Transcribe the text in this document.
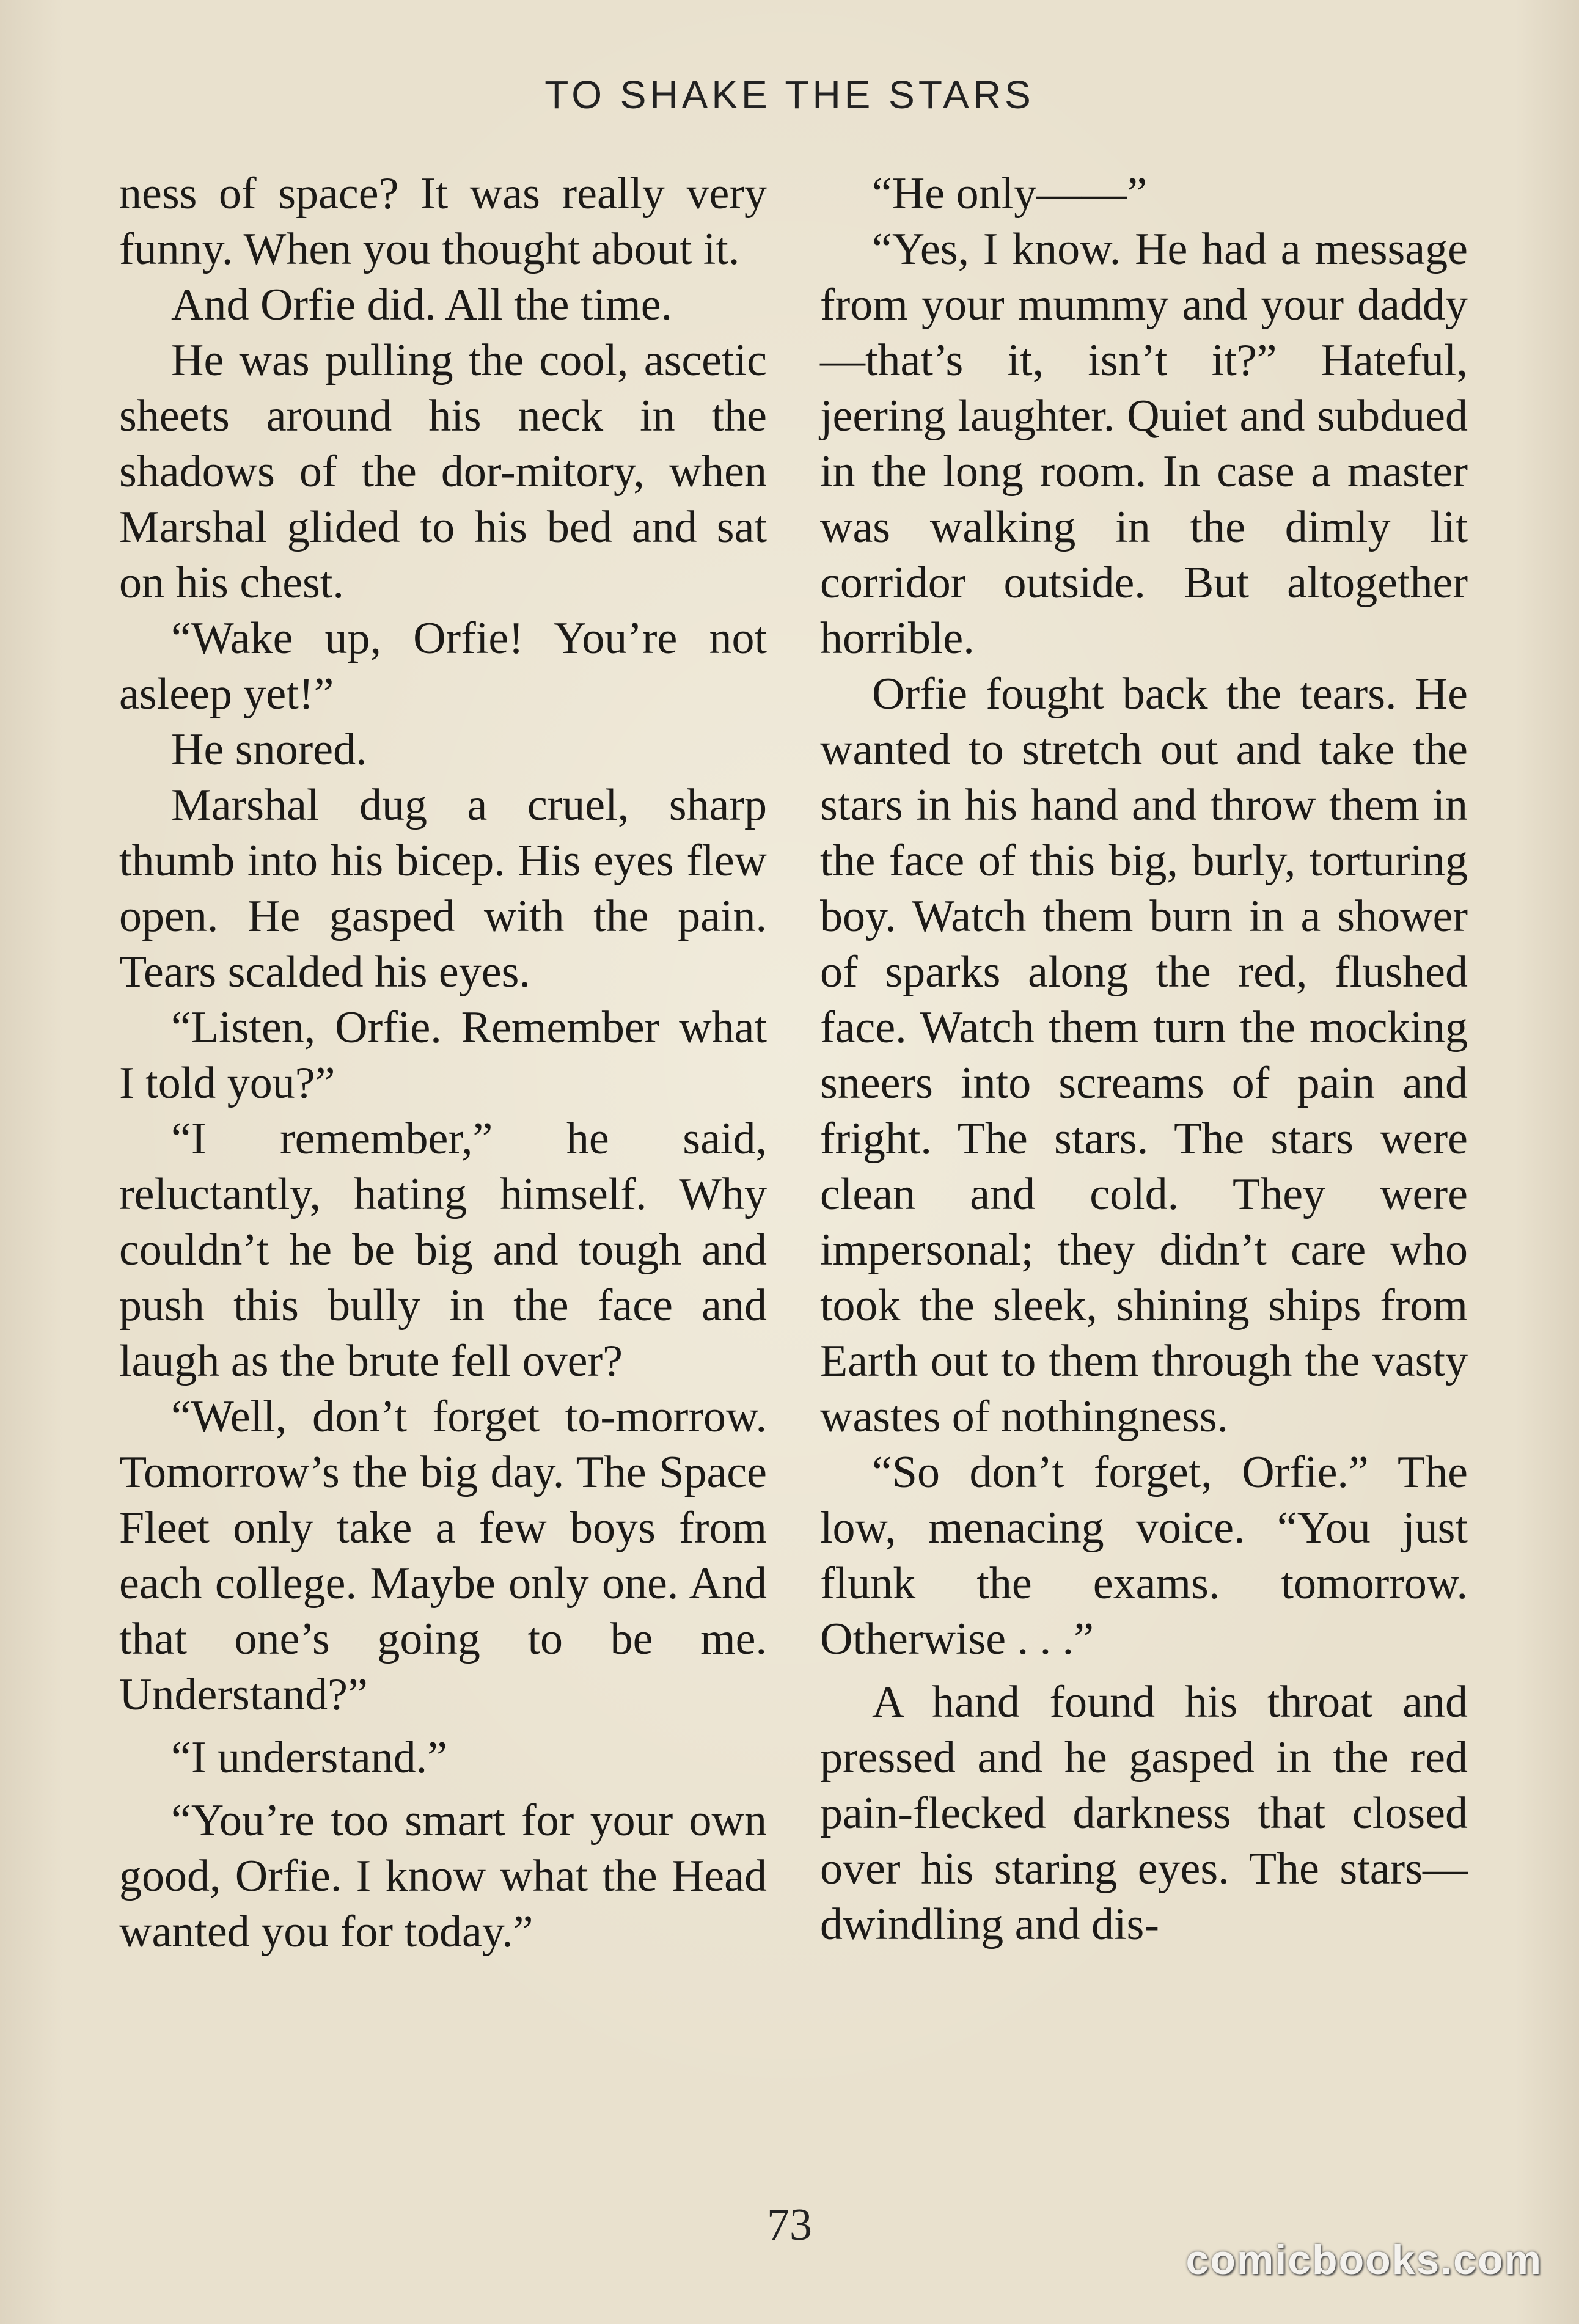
TO SHAKE THE STARS

ness of space? It was really very funny. When you thought about it.

And Orfie did. All the time.

He was pulling the cool, ascetic sheets around his neck in the shadows of the dor-mitory, when Marshal glided to his bed and sat on his chest.

“Wake up, Orfie! You’re not asleep yet!”

He snored.

Marshal dug a cruel, sharp thumb into his bicep. His eyes flew open. He gasped with the pain. Tears scalded his eyes.

“Listen, Orfie. Remember what I told you?”

“I remember,” he said, reluctantly, hating himself. Why couldn’t he be big and tough and push this bully in the face and laugh as the brute fell over?

“Well, don’t forget to-morrow. Tomorrow’s the big day. The Space Fleet only take a few boys from each college. Maybe only one. And that one’s going to be me. Understand?”

“I understand.”

“You’re too smart for your own good, Orfie. I know what the Head wanted you for today.”

“He only——”

“Yes, I know. He had a message from your mummy and your daddy—that’s it, isn’t it?” Hateful, jeering laughter. Quiet and subdued in the long room. In case a master was walking in the dimly lit corridor outside. But altogether horrible.

Orfie fought back the tears. He wanted to stretch out and take the stars in his hand and throw them in the face of this big, burly, torturing boy. Watch them burn in a shower of sparks along the red, flushed face. Watch them turn the mocking sneers into screams of pain and fright. The stars. The stars were clean and cold. They were impersonal; they didn’t care who took the sleek, shining ships from Earth out to them through the vasty wastes of nothingness.

“So don’t forget, Orfie.” The low, menacing voice. “You just flunk the exams. tomorrow. Otherwise . . .”

A hand found his throat and pressed and he gasped in the red pain-flecked darkness that closed over his staring eyes. The stars—dwindling and dis-

73
comicbooks.com
